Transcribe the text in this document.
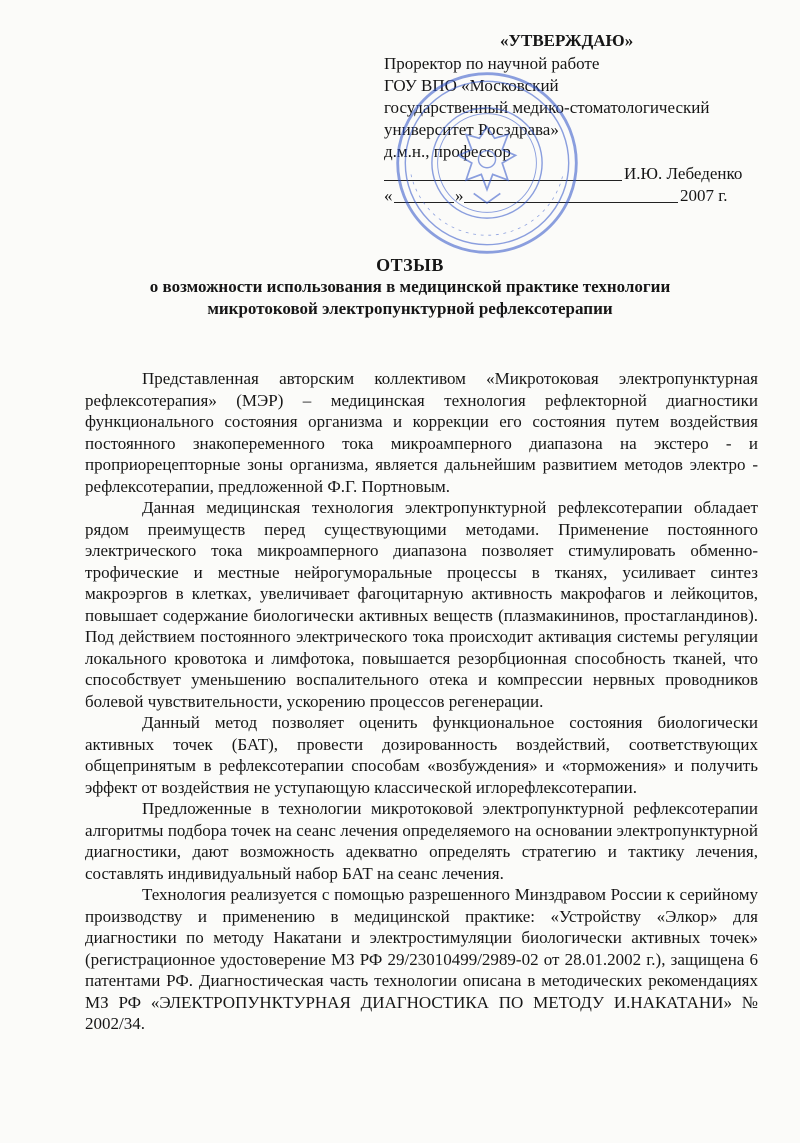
«УТВЕРЖДАЮ»
Проректор по научной работе
ГОУ ВПО «Московский
государственный медико-стоматологический
университет Росздрава»
д.м.н., профессор
И.Ю. Лебеденко
«	»	2007 г.
ОТЗЫВ
о возможности использования в медицинской практике технологии
микротоковой электропунктурной рефлексотерапии

Представленная авторским коллективом «Микротоковая электропунктурная рефлексотерапия» (МЭР) – медицинская технология рефлекторной диагностики функционального состояния организма и коррекции его состояния путем воздействия постоянного знакопеременного тока микроамперного диапазона на экстеро - и проприорецепторные зоны организма, является дальнейшим развитием методов электро - рефлексотерапии, предложенной Ф.Г. Портновым.

Данная медицинская технология электропунктурной рефлексотерапии обладает рядом преимуществ перед существующими методами. Применение постоянного электрического тока микроамперного диапазона позволяет стимулировать обменно-трофические и местные нейрогуморальные процессы в тканях, усиливает синтез макроэргов в клетках, увеличивает фагоцитарную активность макрофагов и лейкоцитов, повышает содержание биологически активных веществ (плазмакининов, простагландинов). Под действием постоянного электрического тока происходит активация системы регуляции локального кровотока и лимфотока, повышается резорбционная способность тканей, что способствует уменьшению воспалительного отека и компрессии нервных проводников болевой чувствительности, ускорению процессов регенерации.

Данный метод позволяет оценить функциональное состояния биологически активных точек (БАТ), провести дозированность воздействий, соответствующих общепринятым в рефлексотерапии способам «возбуждения» и «торможения» и получить эффект от воздействия не уступающую классической иглорефлексотерапии.

Предложенные в технологии микротоковой электропунктурной рефлексотерапии алгоритмы подбора точек на сеанс лечения определяемого на основании электропунктурной диагностики, дают возможность адекватно определять стратегию и тактику лечения, составлять индивидуальный набор БАТ на сеанс лечения.

Технология реализуется с помощью разрешенного Минздравом России к серийному производству и применению в медицинской практике: «Устройству «Элкор» для диагностики по методу Накатани и электростимуляции биологически активных точек» (регистрационное удостоверение МЗ РФ 29/23010499/2989-02 от 28.01.2002 г.), защищена 6 патентами РФ. Диагностическая часть технологии описана в методических рекомендациях МЗ РФ «ЭЛЕКТРОПУНКТУРНАЯ ДИАГНОСТИКА ПО МЕТОДУ И.НАКАТАНИ» № 2002/34.
